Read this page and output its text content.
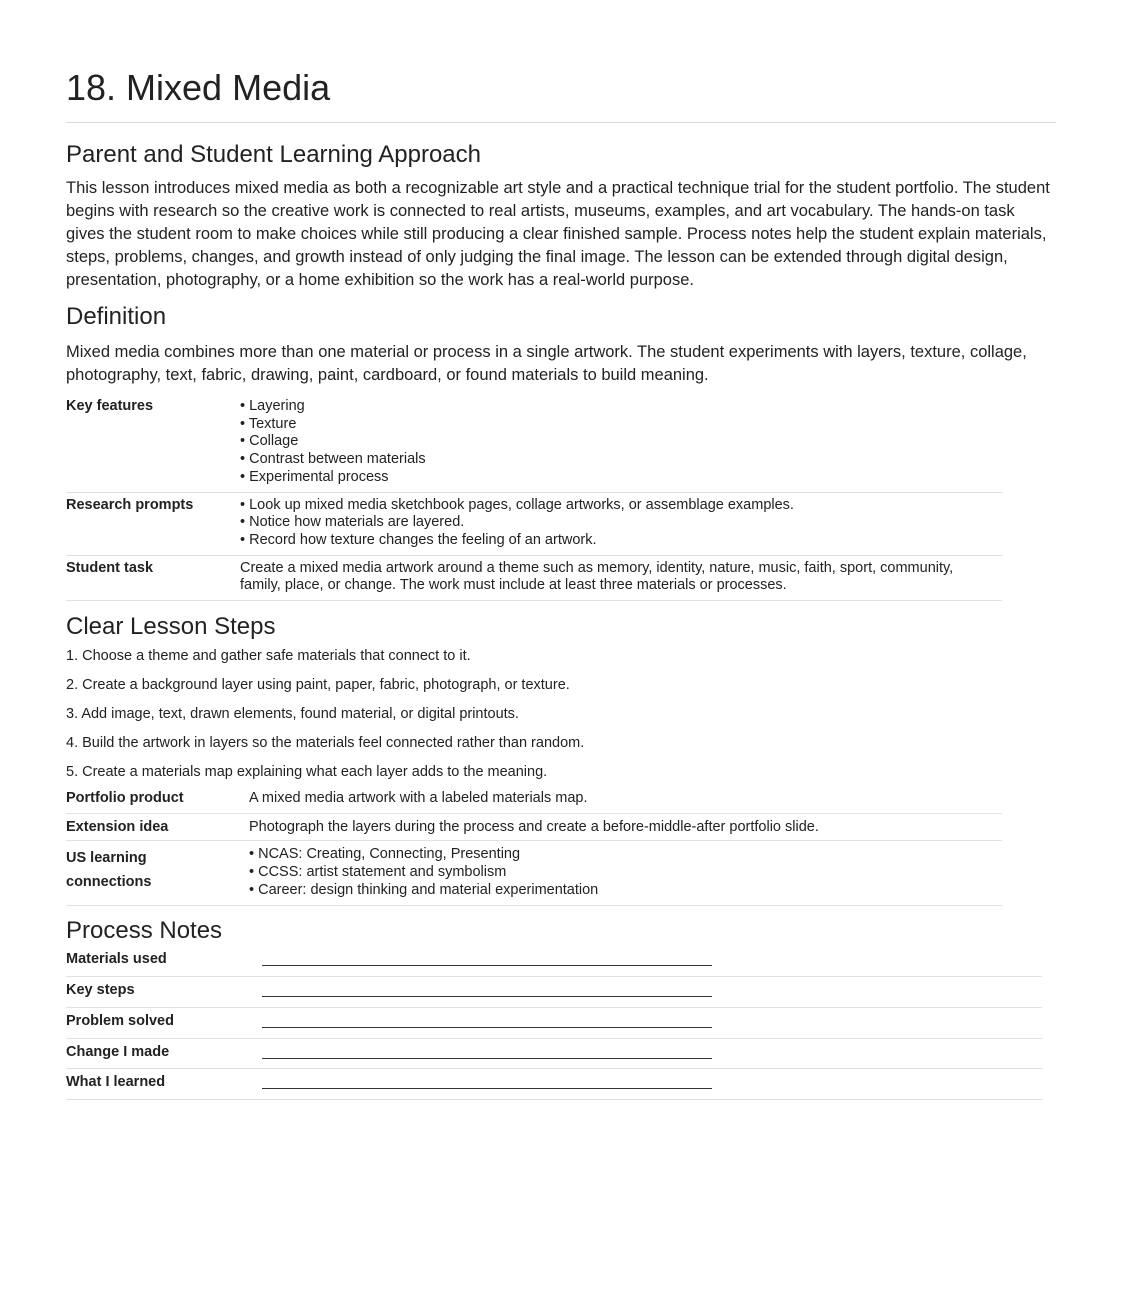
18. Mixed Media
Parent and Student Learning Approach

This lesson introduces mixed media as both a recognizable art style and a practical technique trial for the student portfolio. The student begins with research so the creative work is connected to real artists, museums, examples, and art vocabulary. The hands-on task gives the student room to make choices while still producing a clear finished sample. Process notes help the student explain materials, steps, problems, changes, and growth instead of only judging the final image. The lesson can be extended through digital design, presentation, photography, or a home exhibition so the work has a real-world purpose.

Definition

Mixed media combines more than one material or process in a single artwork. The student experiments with layers, texture, collage, photography, text, fabric, drawing, paint, cardboard, or found materials to build meaning.

Key features	• Layering
• Texture
• Collage
• Contrast between materials
• Experimental process

Research prompts	• Look up mixed media sketchbook pages, collage artworks, or assemblage examples.
• Notice how materials are layered.
• Record how texture changes the feeling of an artwork.

Student task	Create a mixed media artwork around a theme such as memory, identity, nature, music, faith, sport, community, family, place, or change. The work must include at least three materials or processes.
Clear Lesson Steps
1. Choose a theme and gather safe materials that connect to it.
2. Create a background layer using paint, paper, fabric, photograph, or texture.
3. Add image, text, drawn elements, found material, or digital printouts.
4. Build the artwork in layers so the materials feel connected rather than random.
5. Create a materials map explaining what each layer adds to the meaning.
Portfolio product	A mixed media artwork with a labeled materials map.
Extension idea	Photograph the layers during the process and create a before-middle-after portfolio slide.
US learning connections	• NCAS: Creating, Connecting, Presenting
• CCSS: artist statement and symbolism
• Career: design thinking and material experimentation
Process Notes
Materials used	
Key steps	
Problem solved	
Change I made	
What I learned	
